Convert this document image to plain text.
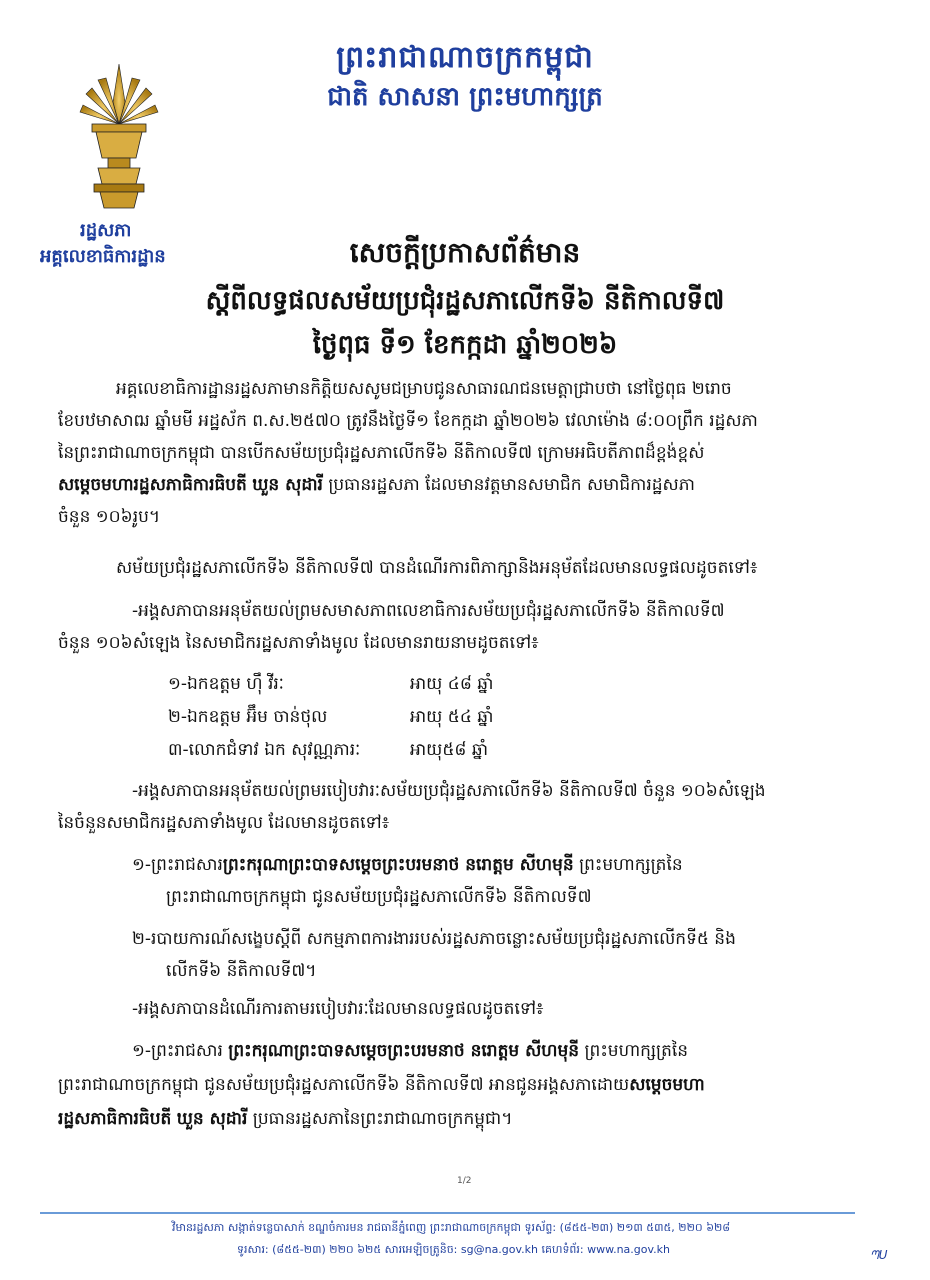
ព្រះរាជាណាចក្រកម្ពុជា
ជាតិ សាសនា ព្រះមហាក្សត្រ
រដ្ឋសភា
អគ្គលេខាធិការដ្ឋាន	សេចក្តីប្រកាសព័ត៌មាន
ស្តីពីលទ្ធផលសម័យប្រជុំរដ្ឋសភាលើកទី៦ នីតិកាលទី៧
ថ្ងៃពុធ ទី១ ខែកក្កដា ឆ្នាំ២០២៦
អគ្គលេខាធិការដ្ឋានរដ្ឋសភាមានកិត្តិយសសូមជម្រាបជូនសាធារណជនមេត្តាជ្រាបថា នៅថ្ងៃពុធ ២រោច
ខែបឋមាសាឍ ឆ្នាំមមី អដ្ឋស័ក ព.ស.២៥៧០ ត្រូវនឹងថ្ងៃទី១ ខែកក្កដា ឆ្នាំ២០២៦ វេលាម៉ោង ៨:០០ព្រឹក រដ្ឋសភា
នៃព្រះរាជាណាចក្រកម្ពុជា បានបើកសម័យប្រជុំរដ្ឋសភាលើកទី៦ នីតិកាលទី៧ ក្រោមអធិបតីភាពដ៏ខ្ពង់ខ្ពស់
សម្តេចមហារដ្ឋសភាធិការធិបតី ឃួន សុដារី ប្រធានរដ្ឋសភា ដែលមានវត្តមានសមាជិក សមាជិការដ្ឋសភា
ចំនួន ១០៦រូប។
សម័យប្រជុំរដ្ឋសភាលើកទី៦ នីតិកាលទី៧ បានដំណើរការពិភាក្សានិងអនុម័តដែលមានលទ្ធផលដូចតទៅ៖
-អង្គសភាបានអនុម័តយល់ព្រមសមាសភាពលេខាធិការសម័យប្រជុំរដ្ឋសភាលើកទី៦ នីតិកាលទី៧
ចំនួន ១០៦សំឡេង នៃសមាជិករដ្ឋសភាទាំងមូល ដែលមានរាយនាមដូចតទៅ៖
១-ឯកឧត្តម ហ៊ឹ វីរៈ	អាយុ ៤៨ ឆ្នាំ
២-ឯកឧត្តម អ៊ឹម ចាន់ថុល	អាយុ ៥៤ ឆ្នាំ
៣-លោកជំទាវ ឯក សុវណ្ណភារៈ	អាយុ៥៨ ឆ្នាំ
-អង្គសភាបានអនុម័តយល់ព្រមរបៀបវារៈសម័យប្រជុំរដ្ឋសភាលើកទី៦ នីតិកាលទី៧ ចំនួន ១០៦សំឡេង
នៃចំនួនសមាជិករដ្ឋសភាទាំងមូល ដែលមានដូចតទៅ៖
១-ព្រះរាជសារព្រះករុណាព្រះបាទសម្តេចព្រះបរមនាថ នរោត្តម សីហមុនី ព្រះមហាក្សត្រនៃ
ព្រះរាជាណាចក្រកម្ពុជា ជូនសម័យប្រជុំរដ្ឋសភាលើកទី៦ នីតិកាលទី៧
២-របាយការណ៍សង្ខេបស្តីពី សកម្មភាពការងាររបស់រដ្ឋសភាចន្លោះសម័យប្រជុំរដ្ឋសភាលើកទី៥ និង
លើកទី៦ នីតិកាលទី៧។
-អង្គសភាបានដំណើរការតាមរបៀបវារៈដែលមានលទ្ធផលដូចតទៅ៖
១-ព្រះរាជសារ ព្រះករុណាព្រះបាទសម្តេចព្រះបរមនាថ នរោត្តម សីហមុនី ព្រះមហាក្សត្រនៃ
ព្រះរាជាណាចក្រកម្ពុជា ជូនសម័យប្រជុំរដ្ឋសភាលើកទី៦ នីតិកាលទី៧ អានជូនអង្គសភាដោយសម្តេចមហា
រដ្ឋសភាធិការធិបតី ឃួន សុដារី ប្រធានរដ្ឋសភានៃព្រះរាជាណាចក្រកម្ពុជា។
1/2
វិមានរដ្ឋសភា សង្កាត់ទន្លេបាសាក់ ខណ្ឌចំការមន រាជធានីភ្នំពេញ ព្រះរាជាណាចក្រកម្ពុជា ទូរស័ព្ទ: (៨៥៥-២៣) ២១៣ ៥៣៥, ២២០ ៦២៨
ទូរសារ: (៨៥៥-២៣) ២២០ ៦២៥ សារអេឡិចត្រូនិច: sg@na.gov.kh គេហទំព័រ: www.na.gov.kh	ᘉᑌ
